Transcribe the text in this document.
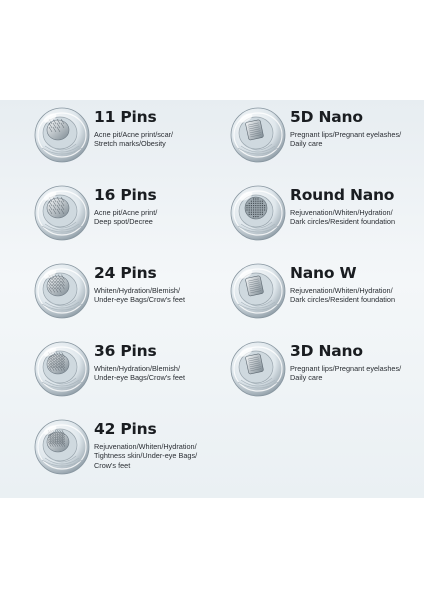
11 Pins
Acne pit/Acne print/scar/
Stretch marks/Obesity
16 Pins
Acne pit/Acne print/
Deep spot/Decree
24 Pins
Whiten/Hydration/Blemish/
Under-eye Bags/Crow's feet
36 Pins
Whiten/Hydration/Blemish/
Under-eye Bags/Crow's feet
42 Pins
Rejuvenation/Whiten/Hydration/
Tightness skin/Under-eye Bags/
Crow's feet
5D Nano
Pregnant lips/Pregnant eyelashes/
Daily care
Round Nano
Rejuvenation/Whiten/Hydration/
Dark circles/Resident foundation
Nano W
Rejuvenation/Whiten/Hydration/
Dark circles/Resident foundation
3D Nano
Pregnant lips/Pregnant eyelashes/
Daily care
